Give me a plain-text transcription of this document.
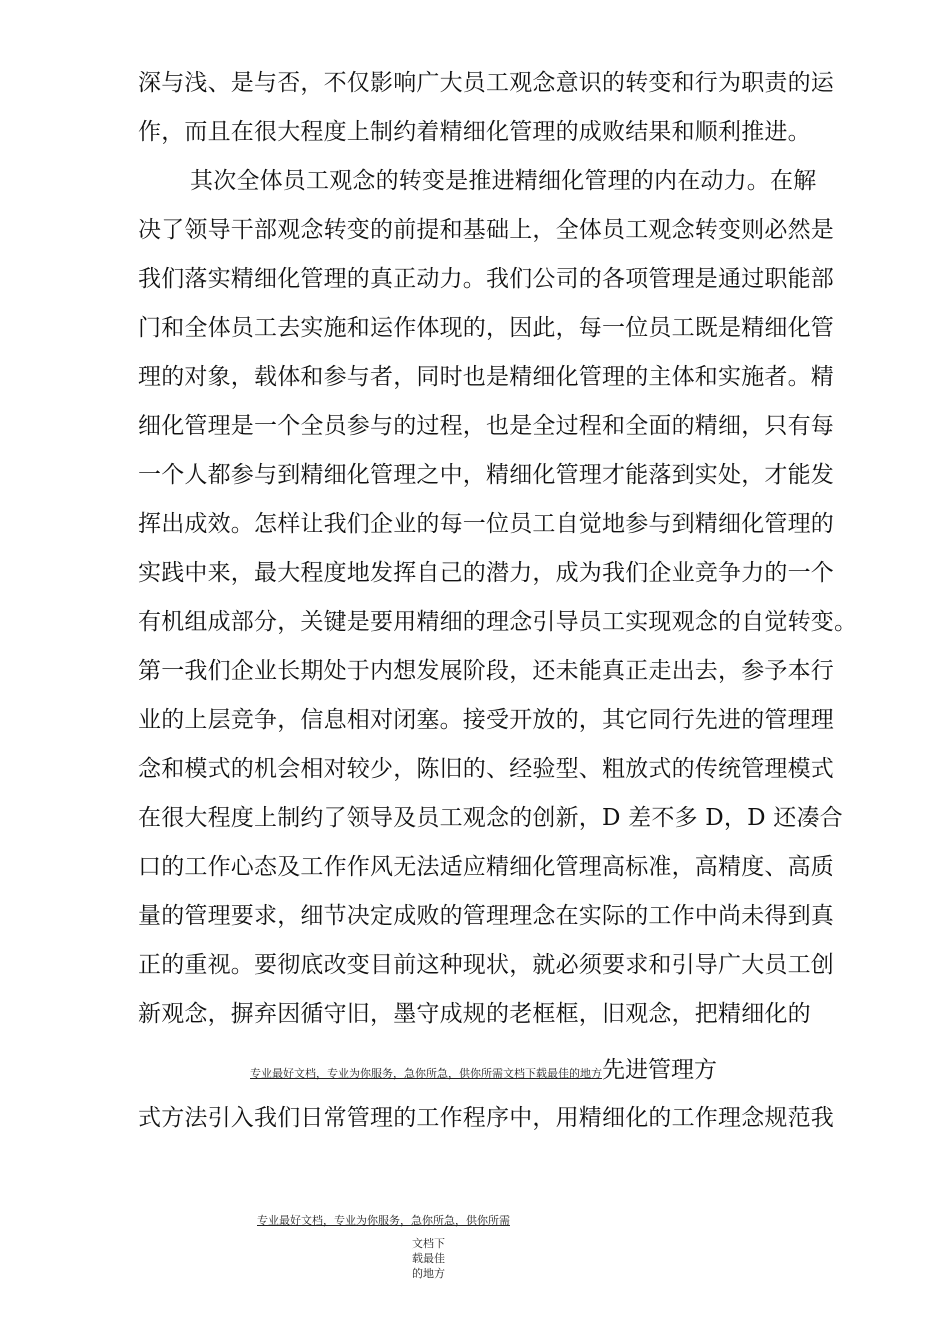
深与浅、是与否，不仅影响广大员工观念意识的转变和行为职责的运
作，而且在很大程度上制约着精细化管理的成败结果和顺利推进。
其次全体员工观念的转变是推进精细化管理的内在动力。在解
决了领导干部观念转变的前提和基础上，全体员工观念转变则必然是
我们落实精细化管理的真正动力。我们公司的各项管理是通过职能部
门和全体员工去实施和运作体现的，因此，每一位员工既是精细化管
理的对象，载体和参与者，同时也是精细化管理的主体和实施者。精
细化管理是一个全员参与的过程，也是全过程和全面的精细，只有每
一个人都参与到精细化管理之中，精细化管理才能落到实处，才能发
挥出成效。怎样让我们企业的每一位员工自觉地参与到精细化管理的
实践中来，最大程度地发挥自己的潜力，成为我们企业竞争力的一个
有机组成部分，关键是要用精细的理念引导员工实现观念的自觉转变。
第一我们企业长期处于内想发展阶段，还未能真正走出去，参予本行
业的上层竞争，信息相对闭塞。接受开放的，其它同行先进的管理理
念和模式的机会相对较少，陈旧的、经验型、粗放式的传统管理模式
在很大程度上制约了领导及员工观念的创新，D 差不多 D，D 还凑合
口的工作心态及工作作风无法适应精细化管理高标准，高精度、高质
量的管理要求，细节决定成败的管理理念在实际的工作中尚未得到真
正的重视。要彻底改变目前这种现状，就必须要求和引导广大员工创
新观念，摒弃因循守旧，墨守成规的老框框，旧观念，把精细化的
专业最好文档，专业为你服务，急你所急，供你所需文档下载最佳的地方先进管理方
式方法引入我们日常管理的工作程序中，用精细化的工作理念规范我
专业最好文档，专业为你服务，急你所急，供你所需
文档下
载最佳
的地方
